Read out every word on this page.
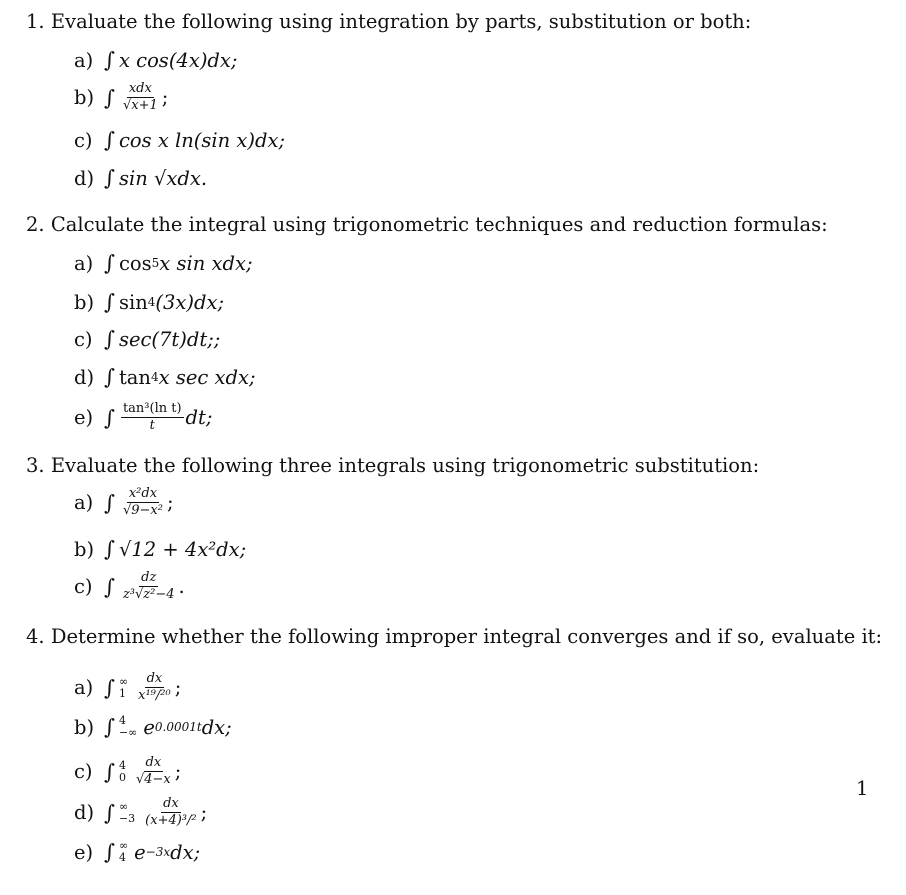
1. Evaluate the following using integration by parts, substitution or both:
a) ∫ x cos(4x)dx;
b) ∫ $\frac{\text{xdx}}{√x+1}$ ;
c) ∫ cos x ln(sin x)dx;
d) ∫ sin √xdx.
2. Calculate the integral using trigonometric techniques and reduction formulas:
a) ∫ cos 5 x sin xdx;
b) ∫ sin 4 (3x)dx;
c) ∫ sec(7t)dt;;
d) ∫ tan 4 x sec xdx;
e) ∫ $\frac{\text{tan³(ln t)}}{t}$ dt;
3. Evaluate the following three integrals using trigonometric substitution:
a) ∫ $\frac{\text{x²dx}}{\text{√9−x²}}$ ;
b) ∫ √12 + 4x²dx;
c) ∫ $\frac{dz}{\text{z³√z²−4}}$ .
4. Determine whether the following improper integral converges and if so, evaluate it:
a) ∫ ∞
$1 \frac{dx}{\text{x¹⁹/²⁰}}$ ;
b) ∫ 4
−∞ e 0.0001t dx;
c) ∫ 4
$0 \frac{dx}{√4-x}$ ;
d) ∫ ∞
$-3 \frac{dx}{\text{(x+4)³/²}}$ ;
e) ∫ ∞
4 e −3x dx;
1
